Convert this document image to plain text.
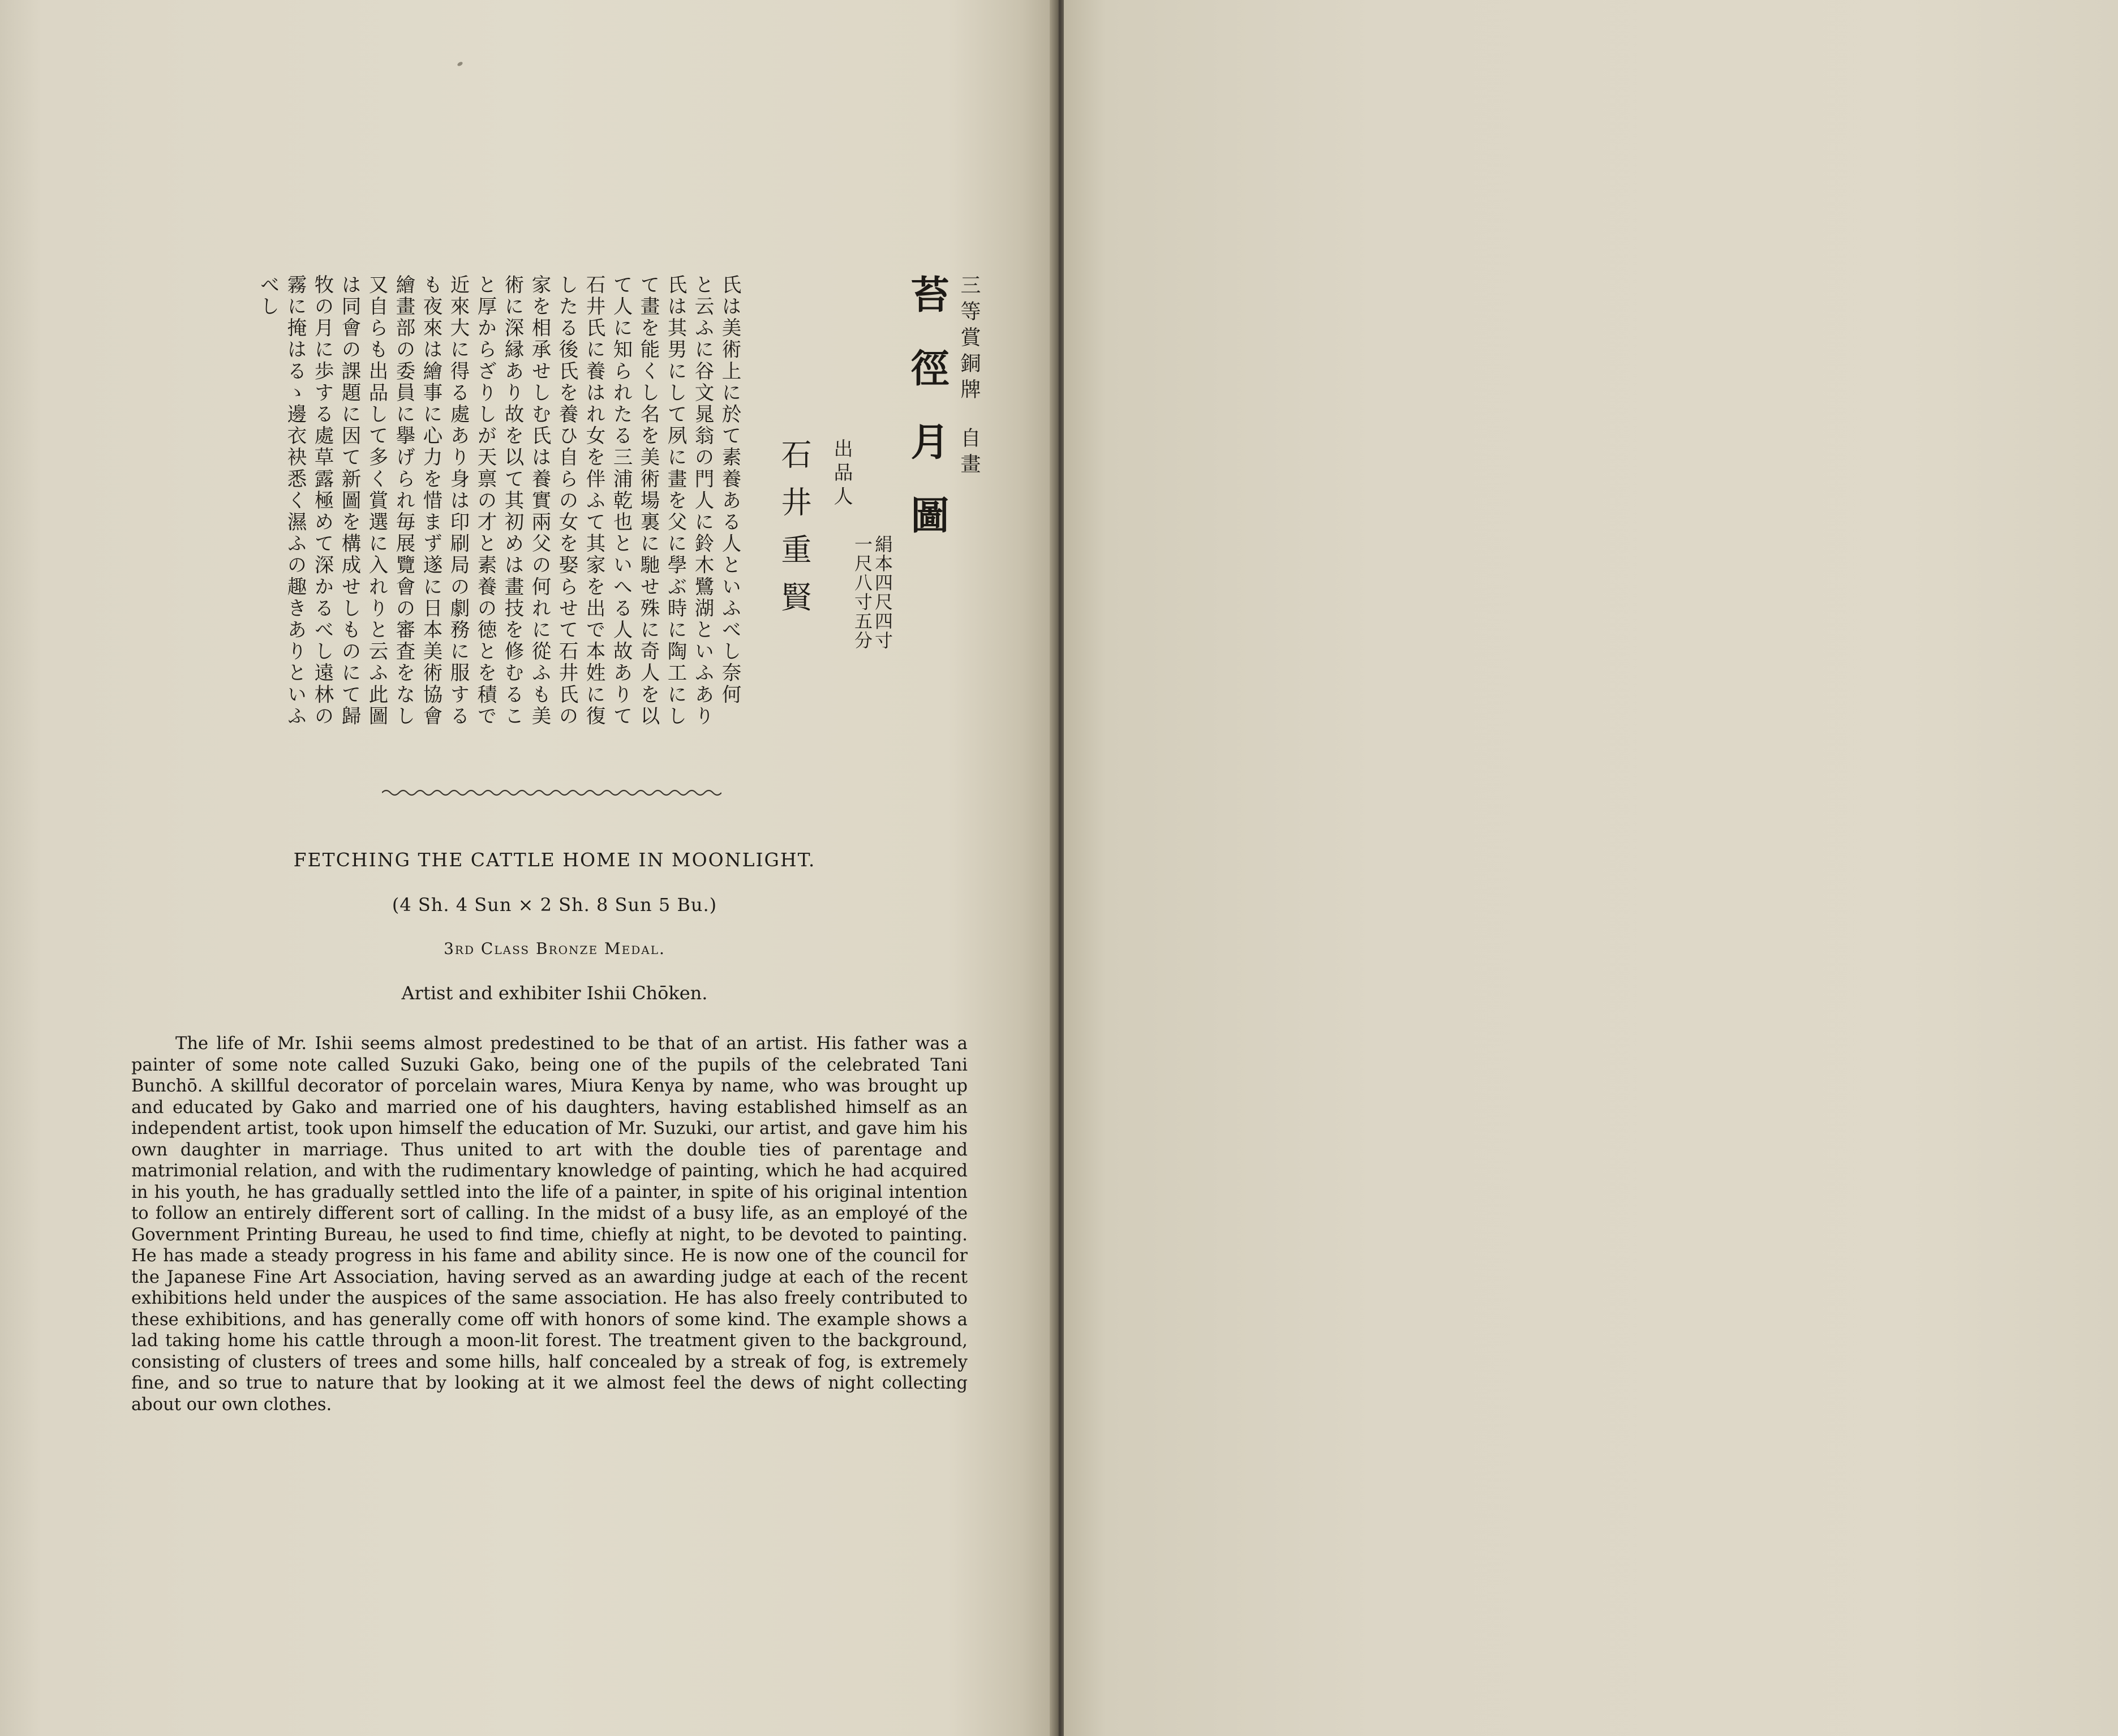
三等賞銅牌自畫
苔徑月圖
絹本四尺四寸
一尺八寸五分
出品人
石井重賢
氏は美術上に於て素養ある人といふべし奈何
と云ふに谷文晁翁の門人に鈴木鷺湖といふあり
氏は其男にして夙に畫を父に學ぶ時に陶工にし
て畫を能くし名を美術場裏に馳せ殊に奇人を以
て人に知られたる三浦乾也といへる人故ありて
石井氏に養はれ女を伴ふて其家を出で本姓に復
したる後氏を養ひ自らの女を娶らせて石井氏の
家を相承せしむ氏は養實兩父の何れに從ふも美
術に深縁あり故を以て其初めは畫技を修むるこ
と厚からざりしが天禀の才と素養の徳とを積で
近來大に得る處あり身は印刷局の劇務に服する
も夜來は繪事に心力を惜まず遂に日本美術協會
繪畫部の委員に擧げられ毎展覽會の審査をなし
又自らも出品して多く賞選に入れりと云ふ此圖
は同會の課題に因て新圖を構成せしものにて歸
牧の月に歩する處草露極めて深かるべし遠林の
霧に掩はるゝ邊衣袂悉く濕ふの趣きありといふ
べし
FETCHING THE CATTLE HOME IN MOONLIGHT.
(4 Sh. 4 Sun × 2 Sh. 8 Sun 5 Bu.)
3rd Class Bronze Medal.
Artist and exhibiter Ishii Chōken.

The life of Mr. Ishii seems almost predestined to be that of an artist. His father was a painter of some note called Suzuki Gako, being one of the pupils of the celebrated Tani Bunchō. A skillful decorator of porcelain wares, Miura Kenya by name, who was brought up and educated by Gako and married one of his daughters, having established himself as an independent artist, took upon himself the education of Mr. Suzuki, our artist, and gave him his own daughter in marriage. Thus united to art with the double ties of parentage and matrimonial relation, and with the rudimentary knowledge of painting, which he had acquired in his youth, he has gradually settled into the life of a painter, in spite of his original intention to follow an entirely different sort of calling. In the midst of a busy life, as an employé of the Government Printing Bureau, he used to find time, chiefly at night, to be devoted to painting. He has made a steady progress in his fame and ability since. He is now one of the council for the Japanese Fine Art Association, having served as an awarding judge at each of the recent exhibitions held under the auspices of the same association. He has also freely contributed to these exhibitions, and has generally come off with honors of some kind. The example shows a lad taking home his cattle through a moon-lit forest. The treatment given to the background, consisting of clusters of trees and some hills, half concealed by a streak of fog, is extremely fine, and so true to nature that by looking at it we almost feel the dews of night collecting about our own clothes.
